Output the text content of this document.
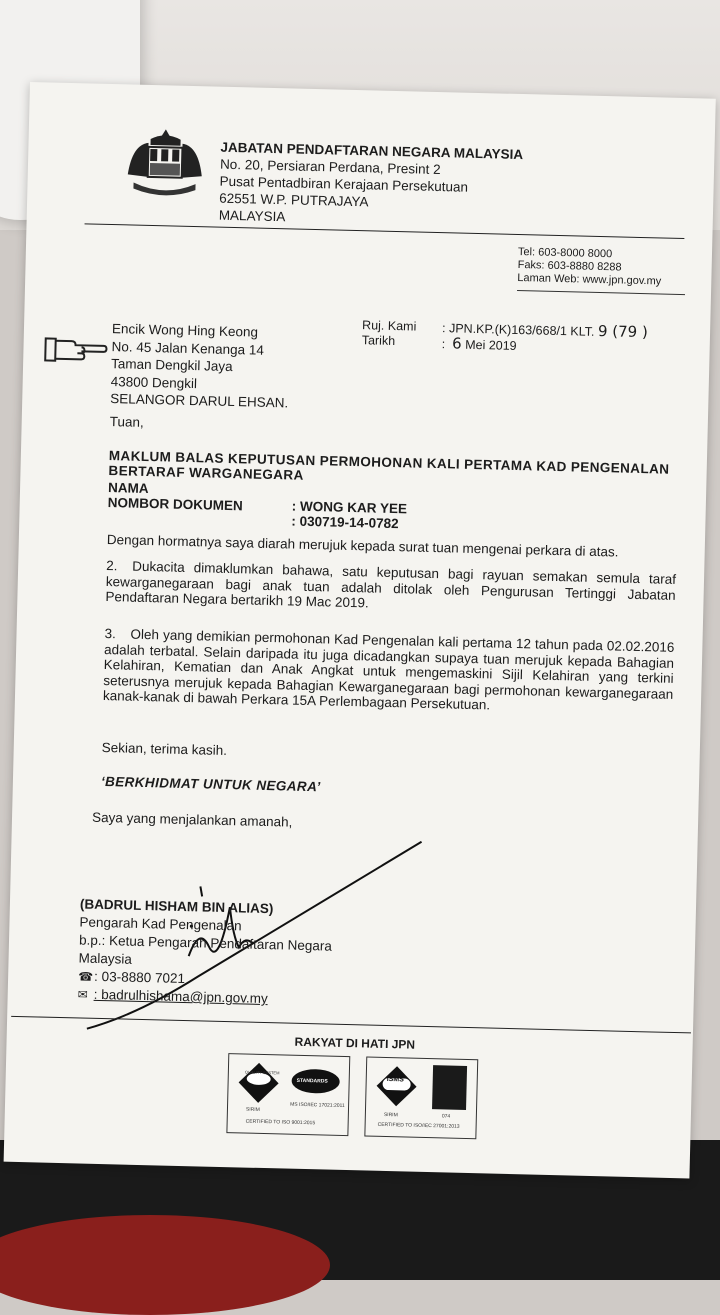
JABATAN PENDAFTARAN NEGARA MALAYSIA
No. 20, Persiaran Perdana, Presint 2
Pusat Pentadbiran Kerajaan Persekutuan
62551 W.P. PUTRAJAYA
MALAYSIA
Tel: 603-8000 8000
Faks: 603-8880 8288
Laman Web: www.jpn.gov.my
Ruj. Kami
Tarikh
: JPN.KP.(K)163/668/1 KLT. 9 (79 )
: 6 Mei 2019
Encik Wong Hing Keong
No. 45 Jalan Kenanga 14
Taman Dengkil Jaya
43800 Dengkil
SELANGOR DARUL EHSAN.
Tuan,
MAKLUM BALAS KEPUTUSAN PERMOHONAN KALI PERTAMA KAD PENGENALAN BERTARAF WARGANEGARA
NAMA
NOMBOR DOKUMEN	: WONG KAR YEE
: 030719-14-0782
Dengan hormatnya saya diarah merujuk kepada surat tuan mengenai perkara di atas.
2. Dukacita dimaklumkan bahawa, satu keputusan bagi rayuan semakan semula taraf kewarganegaraan bagi anak tuan adalah ditolak oleh Pengurusan Tertinggi Jabatan Pendaftaran Negara bertarikh 19 Mac 2019.
3. Oleh yang demikian permohonan Kad Pengenalan kali pertama 12 tahun pada 02.02.2016 adalah terbatal. Selain daripada itu juga dicadangkan supaya tuan merujuk kepada Bahagian Kelahiran, Kematian dan Anak Angkat untuk mengemaskini Sijil Kelahiran yang terkini seterusnya merujuk kepada Bahagian Kewarganegaraan bagi permohonan kewarganegaraan kanak-kanak di bawah Perkara 15A Perlembagaan Persekutuan.
Sekian, terima kasih.
‘BERKHIDMAT UNTUK NEGARA’
Saya yang menjalankan amanah,
(BADRUL HISHAM BIN ALIAS)
Pengarah Kad Pengenalan
b.p.: Ketua Pengarah Pendaftaran Negara
Malaysia
☎: 03-8880 7021
✉ : badrulhishama@jpn.gov.my
RAKYAT DI HATI JPN
QUALITY SYSTEM
STANDARDS
SIRIM
MS ISO/IEC 17021:2011
CERTIFIED TO ISO 9001:2015
ISMS
SIRIM	074
CERTIFIED TO ISO/IEC 27001:2013
